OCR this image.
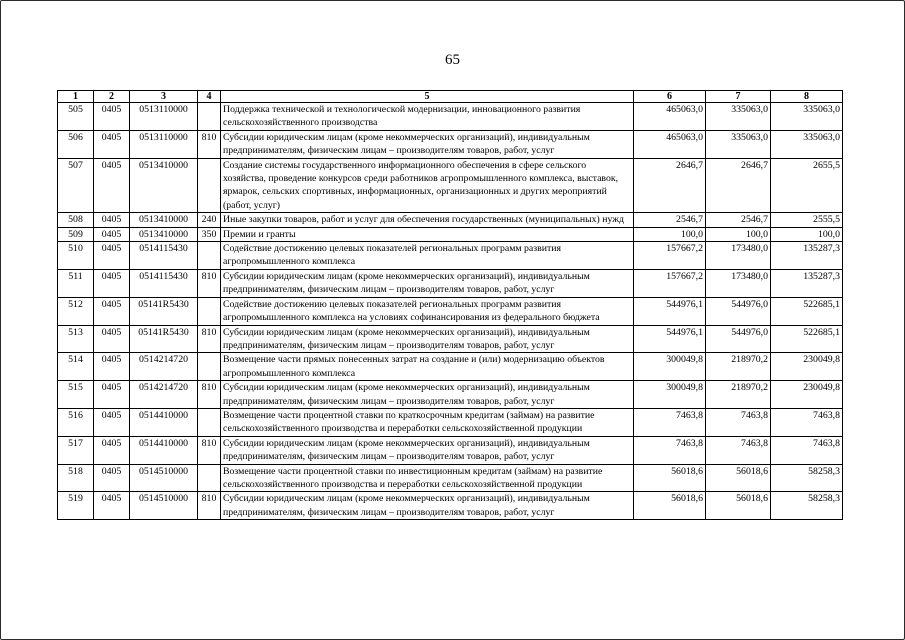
65
1	2	3	4	5	6	7	8
505	0405	0513110000		Поддержка технической и технологической модернизации, инновационного развития сельскохозяйственного производства	465063,0	335063,0	335063,0
506	0405	0513110000	810	Субсидии юридическим лицам (кроме некоммерческих организаций), индивидуальным предпринимателям, физическим лицам – производителям товаров, работ, услуг	465063,0	335063,0	335063,0
507	0405	0513410000		Создание системы государственного информационного обеспечения в сфере сельского хозяйства, проведение конкурсов среди работников агропромышленного комплекса, выставок, ярмарок, сельских спортивных, информационных, организационных и других мероприятий (работ, услуг)	2646,7	2646,7	2655,5
508	0405	0513410000	240	Иные закупки товаров, работ и услуг для обеспечения государственных (муниципальных) нужд	2546,7	2546,7	2555,5
509	0405	0513410000	350	Премии и гранты	100,0	100,0	100,0
510	0405	0514115430		Содействие достижению целевых показателей региональных программ развития агропромышленного комплекса	157667,2	173480,0	135287,3
511	0405	0514115430	810	Субсидии юридическим лицам (кроме некоммерческих организаций), индивидуальным предпринимателям, физическим лицам – производителям товаров, работ, услуг	157667,2	173480,0	135287,3
512	0405	05141R5430		Содействие достижению целевых показателей региональных программ развития агропромышленного комплекса на условиях софинансирования из федерального бюджета	544976,1	544976,0	522685,1
513	0405	05141R5430	810	Субсидии юридическим лицам (кроме некоммерческих организаций), индивидуальным предпринимателям, физическим лицам – производителям товаров, работ, услуг	544976,1	544976,0	522685,1
514	0405	0514214720		Возмещение части прямых понесенных затрат на создание и (или) модернизацию объектов агропромышленного комплекса	300049,8	218970,2	230049,8
515	0405	0514214720	810	Субсидии юридическим лицам (кроме некоммерческих организаций), индивидуальным предпринимателям, физическим лицам – производителям товаров, работ, услуг	300049,8	218970,2	230049,8
516	0405	0514410000		Возмещение части процентной ставки по краткосрочным кредитам (займам) на развитие сельскохозяйственного производства и переработки сельскохозяйственной продукции	7463,8	7463,8	7463,8
517	0405	0514410000	810	Субсидии юридическим лицам (кроме некоммерческих организаций), индивидуальным предпринимателям, физическим лицам – производителям товаров, работ, услуг	7463,8	7463,8	7463,8
518	0405	0514510000		Возмещение части процентной ставки по инвестиционным кредитам (займам) на развитие сельскохозяйственного производства и переработки сельскохозяйственной продукции	56018,6	56018,6	58258,3
519	0405	0514510000	810	Субсидии юридическим лицам (кроме некоммерческих организаций), индивидуальным предпринимателям, физическим лицам – производителям товаров, работ, услуг	56018,6	56018,6	58258,3
